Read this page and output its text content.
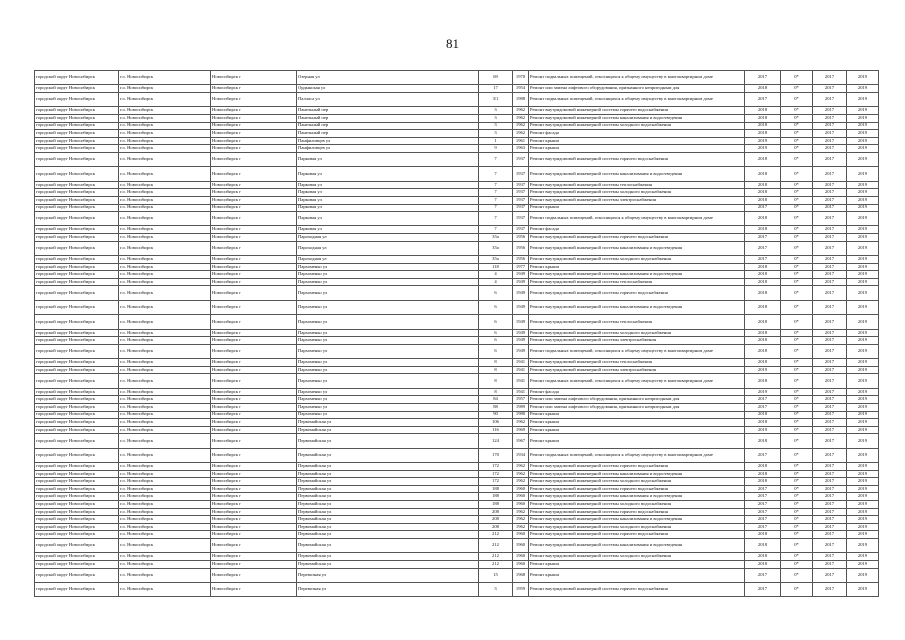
81
городской округ Новосибирск	г.о. Новосибирск	Новосибирск г	Озерная ул	69	1970	Ремонт подвальных помещений, относящихся к общему имуществу в многоквартирном доме	2017	0*	2017	2019
городской округ Новосибирск	г.о. Новосибирск	Новосибирск г	Ордынская ул	17	1954	Ремонт или замена лифтового оборудования, признанного непригодным для	2018	0*	2017	2019
городской округ Новосибирск	г.о. Новосибирск	Новосибирск г	Палласа ул	3/1	1988	Ремонт подвальных помещений, относящихся к общему имуществу в многоквартирном доме	2017	0*	2017	2019
городской округ Новосибирск	г.о. Новосибирск	Новосибирск г	Панельный пер	3	1962	Ремонт внутридомовой инженерной системы горячего водоснабжения	2018	0*	2017	2019
городской округ Новосибирск	г.о. Новосибирск	Новосибирск г	Панельный пер	3	1962	Ремонт внутридомовой инженерной системы канализования и водоотведения	2018	0*	2017	2019
городской округ Новосибирск	г.о. Новосибирск	Новосибирск г	Панельный пер	3	1962	Ремонт внутридомовой инженерной системы холодного водоснабжения	2018	0*	2017	2019
городской округ Новосибирск	г.о. Новосибирск	Новосибирск г	Панельный пер	3	1962	Ремонт фасада	2018	0*	2017	2019
городской округ Новосибирск	г.о. Новосибирск	Новосибирск г	Панфиловцев ул	1	1961	Ремонт крыши	2019	0*	2017	2019
городской округ Новосибирск	г.о. Новосибирск	Новосибирск г	Панфиловцев ул	9	1963	Ремонт крыши	2019	0*	2017	2019
городской округ Новосибирск	г.о. Новосибирск	Новосибирск г	Парковая ул	7	1937	Ремонт внутридомовой инженерной системы горячего водоснабжения	2018	0*	2017	2019
городской округ Новосибирск	г.о. Новосибирск	Новосибирск г	Парковая ул	7	1937	Ремонт внутридомовой инженерной системы канализования и водоотведения	2018	0*	2017	2019
городской округ Новосибирск	г.о. Новосибирск	Новосибирск г	Парковая ул	7	1937	Ремонт внутридомовой инженерной системы теплоснабжения	2018	0*	2017	2019
городской округ Новосибирск	г.о. Новосибирск	Новосибирск г	Парковая ул	7	1937	Ремонт внутридомовой инженерной системы холодного водоснабжения	2018	0*	2017	2019
городской округ Новосибирск	г.о. Новосибирск	Новосибирск г	Парковая ул	7	1937	Ремонт внутридомовой инженерной системы электроснабжения	2018	0*	2017	2019
городской округ Новосибирск	г.о. Новосибирск	Новосибирск г	Парковая ул	7	1937	Ремонт крыши	2017	0*	2017	2019
городской округ Новосибирск	г.о. Новосибирск	Новосибирск г	Парковая ул	7	1937	Ремонт подвальных помещений, относящихся к общему имуществу в многоквартирном доме	2018	0*	2017	2019
городской округ Новосибирск	г.о. Новосибирск	Новосибирск г	Парковая ул	7	1937	Ремонт фасада	2018	0*	2017	2019
городской округ Новосибирск	г.о. Новосибирск	Новосибирск г	Пароходная ул	35а	1956	Ремонт внутридомовой инженерной системы горячего водоснабжения	2017	0*	2017	2019
городской округ Новосибирск	г.о. Новосибирск	Новосибирск г	Пароходная ул	35а	1956	Ремонт внутридомовой инженерной системы канализования и водоотведения	2017	0*	2017	2019
городской округ Новосибирск	г.о. Новосибирск	Новосибирск г	Пароходная ул	35а	1956	Ремонт внутридомовой инженерной системы холодного водоснабжения	2017	0*	2017	2019
городской округ Новосибирск	г.о. Новосибирск	Новосибирск г	Пархоменко ул	118	1977	Ремонт крыши	2018	0*	2017	2019
городской округ Новосибирск	г.о. Новосибирск	Новосибирск г	Пархоменко ул	4	1949	Ремонт внутридомовой инженерной системы канализования и водоотведения	2018	0*	2017	2019
городской округ Новосибирск	г.о. Новосибирск	Новосибирск г	Пархоменко ул	4	1949	Ремонт внутридомовой инженерной системы теплоснабжения	2018	0*	2017	2019
городской округ Новосибирск	г.о. Новосибирск	Новосибирск г	Пархоменко ул	6	1949	Ремонт внутридомовой инженерной системы горячего водоснабжения	2018	0*	2017	2019
городской округ Новосибирск	г.о. Новосибирск	Новосибирск г	Пархоменко ул	6	1949	Ремонт внутридомовой инженерной системы канализования и водоотведения	2018	0*	2017	2019
городской округ Новосибирск	г.о. Новосибирск	Новосибирск г	Пархоменко ул	6	1949	Ремонт внутридомовой инженерной системы теплоснабжения	2018	0*	2017	2019
городской округ Новосибирск	г.о. Новосибирск	Новосибирск г	Пархоменко ул	6	1949	Ремонт внутридомовой инженерной системы холодного водоснабжения	2018	0*	2017	2019
городской округ Новосибирск	г.о. Новосибирск	Новосибирск г	Пархоменко ул	6	1949	Ремонт внутридомовой инженерной системы электроснабжения	2018	0*	2017	2019
городской округ Новосибирск	г.о. Новосибирск	Новосибирск г	Пархоменко ул	6	1949	Ремонт подвальных помещений, относящихся к общему имуществу в многоквартирном доме	2018	0*	2017	2019
городской округ Новосибирск	г.о. Новосибирск	Новосибирск г	Пархоменко ул	8	1941	Ремонт внутридомовой инженерной системы теплоснабжения	2018	0*	2017	2019
городской округ Новосибирск	г.о. Новосибирск	Новосибирск г	Пархоменко ул	8	1941	Ремонт внутридомовой инженерной системы электроснабжения	2019	0*	2017	2019
городской округ Новосибирск	г.о. Новосибирск	Новосибирск г	Пархоменко ул	8	1941	Ремонт подвальных помещений, относящихся к общему имуществу в многоквартирном доме	2018	0*	2017	2019
городской округ Новосибирск	г.о. Новосибирск	Новосибирск г	Пархоменко ул	8	1941	Ремонт фасада	2019	0*	2017	2019
городской округ Новосибирск	г.о. Новосибирск	Новосибирск г	Пархоменко ул	84	1957	Ремонт или замена лифтового оборудования, признанного непригодным для	2017	0*	2017	2019
городской округ Новосибирск	г.о. Новосибирск	Новосибирск г	Пархоменко ул	88	1989	Ремонт или замена лифтового оборудования, признанного непригодным для	2017	0*	2017	2019
городской округ Новосибирск	г.о. Новосибирск	Новосибирск г	Пархоменко ул	90	1980	Ремонт крыши	2018	0*	2017	2019
городской округ Новосибирск	г.о. Новосибирск	Новосибирск г	Первомайская ул	106	1962	Ремонт крыши	2018	0*	2017	2019
городской округ Новосибирск	г.о. Новосибирск	Новосибирск г	Первомайская ул	116	1969	Ремонт крыши	2019	0*	2017	2019
городской округ Новосибирск	г.о. Новосибирск	Новосибирск г	Первомайская ул	124	1967	Ремонт крыши	2018	0*	2017	2019
городской округ Новосибирск	г.о. Новосибирск	Новосибирск г	Первомайская ул	170	1934	Ремонт подвальных помещений, относящихся к общему имуществу в многоквартирном доме	2017	0*	2017	2019
городской округ Новосибирск	г.о. Новосибирск	Новосибирск г	Первомайская ул	172	1962	Ремонт внутридомовой инженерной системы горячего водоснабжения	2018	0*	2017	2019
городской округ Новосибирск	г.о. Новосибирск	Новосибирск г	Первомайская ул	172	1962	Ремонт внутридомовой инженерной системы канализования и водоотведения	2018	0*	2017	2019
городской округ Новосибирск	г.о. Новосибирск	Новосибирск г	Первомайская ул	172	1962	Ремонт внутридомовой инженерной системы холодного водоснабжения	2018	0*	2017	2019
городской округ Новосибирск	г.о. Новосибирск	Новосибирск г	Первомайская ул	188	1960	Ремонт внутридомовой инженерной системы горячего водоснабжения	2017	0*	2017	2019
городской округ Новосибирск	г.о. Новосибирск	Новосибирск г	Первомайская ул	188	1960	Ремонт внутридомовой инженерной системы канализования и водоотведения	2017	0*	2017	2019
городской округ Новосибирск	г.о. Новосибирск	Новосибирск г	Первомайская ул	188	1960	Ремонт внутридомовой инженерной системы холодного водоснабжения	2017	0*	2017	2019
городской округ Новосибирск	г.о. Новосибирск	Новосибирск г	Первомайская ул	208	1962	Ремонт внутридомовой инженерной системы горячего водоснабжения	2017	0*	2017	2019
городской округ Новосибирск	г.о. Новосибирск	Новосибирск г	Первомайская ул	208	1962	Ремонт внутридомовой инженерной системы канализования и водоотведения	2017	0*	2017	2019
городской округ Новосибирск	г.о. Новосибирск	Новосибирск г	Первомайская ул	208	1962	Ремонт внутридомовой инженерной системы холодного водоснабжения	2017	0*	2017	2019
городской округ Новосибирск	г.о. Новосибирск	Новосибирск г	Первомайская ул	212	1960	Ремонт внутридомовой инженерной системы горячего водоснабжения	2018	0*	2017	2019
городской округ Новосибирск	г.о. Новосибирск	Новосибирск г	Первомайская ул	212	1960	Ремонт внутридомовой инженерной системы канализования и водоотведения	2018	0*	2017	2019
городской округ Новосибирск	г.о. Новосибирск	Новосибирск г	Первомайская ул	212	1960	Ремонт внутридомовой инженерной системы холодного водоснабжения	2018	0*	2017	2019
городской округ Новосибирск	г.о. Новосибирск	Новосибирск г	Первомайская ул	212	1960	Ремонт крыши	2018	0*	2017	2019
городской округ Новосибирск	г.о. Новосибирск	Новосибирск г	Перевозная ул	15	1968	Ремонт крыши	2017	0*	2017	2019
городской округ Новосибирск	г.о. Новосибирск	Новосибирск г	Перевозная ул	3	1959	Ремонт внутридомовой инженерной системы горячего водоснабжения	2017	0*	2017	2019
